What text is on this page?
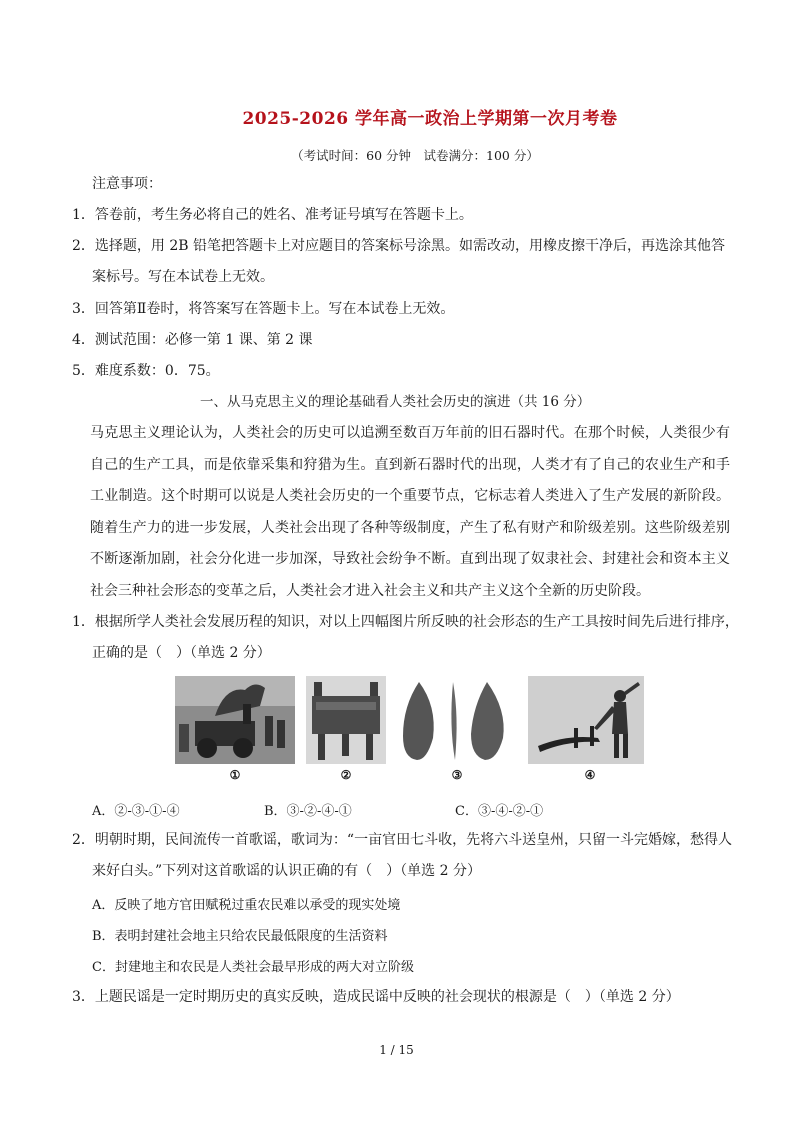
2025-2026 学年高一政治上学期第一次月考卷
（考试时间：60 分钟　试卷满分：100 分）
注意事项：
1．答卷前，考生务必将自己的姓名、准考证号填写在答题卡上。
2．选择题，用 2B 铅笔把答题卡上对应题目的答案标号涂黑。如需改动，用橡皮擦干净后，再选涂其他答
案标号。写在本试卷上无效。
3．回答第Ⅱ卷时，将答案写在答题卡上。写在本试卷上无效。
4．测试范围：必修一第 1 课、第 2 课
5．难度系数：0．75。
一、从马克思主义的理论基础看人类社会历史的演进（共 16 分）
马克思主义理论认为，人类社会的历史可以追溯至数百万年前的旧石器时代。在那个时候，人类很少有自己的生产工具，而是依靠采集和狩猎为生。直到新石器时代的出现，人类才有了自己的农业生产和手工业制造。这个时期可以说是人类社会历史的一个重要节点，它标志着人类进入了生产发展的新阶段。随着生产力的进一步发展，人类社会出现了各种等级制度，产生了私有财产和阶级差别。这些阶级差别不断逐渐加剧，社会分化进一步加深，导致社会纷争不断。直到出现了奴隶社会、封建社会和资本主义社会三种社会形态的变革之后，人类社会才进入社会主义和共产主义这个全新的历史阶段。
1．根据所学人类社会发展历程的知识，对以上四幅图片所反映的社会形态的生产工具按时间先后进行排序，
正确的是（　）（单选 2 分）
①	②	③	④
A．②-③-①-④	B．③-②-④-①	C．③-④-②-①
2．明朝时期，民间流传一首歌谣，歌词为：“一亩官田七斗收，先将六斗送皇州，只留一斗完婚嫁，愁得人
来好白头。”下列对这首歌谣的认识正确的有（　）（单选 2 分）
A．反映了地方官田赋税过重农民难以承受的现实处境
B．表明封建社会地主只给农民最低限度的生活资料
C．封建地主和农民是人类社会最早形成的两大对立阶级
3．上题民谣是一定时期历史的真实反映，造成民谣中反映的社会现状的根源是（　）（单选 2 分）
1 / 15
